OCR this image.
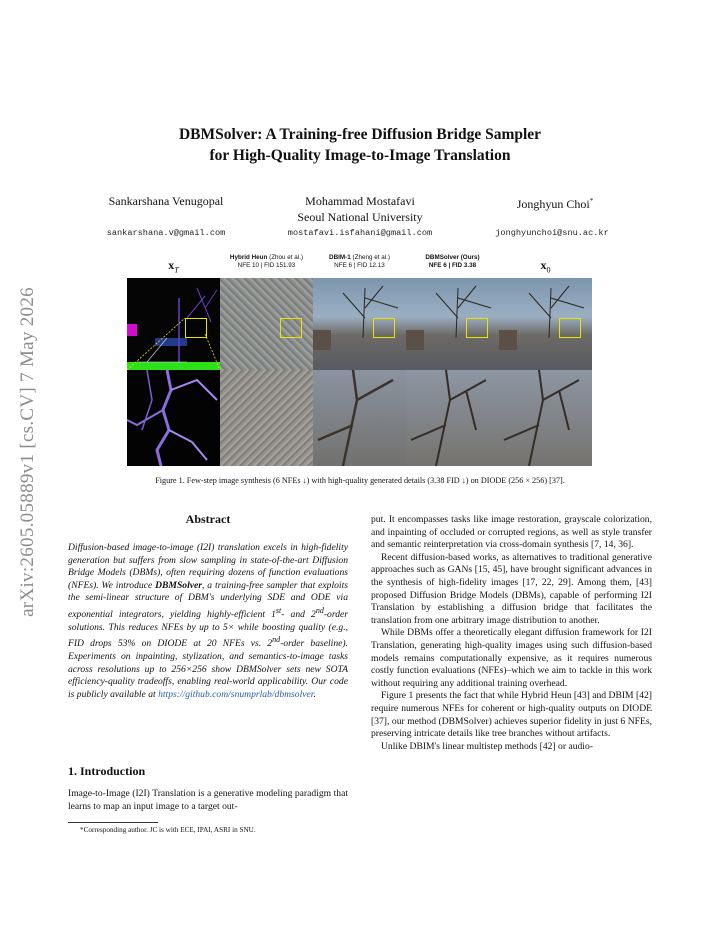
arXiv:2605.05889v1 [cs.CV] 7 May 2026
DBMSolver: A Training-free Diffusion Bridge Sampler
for High-Quality Image-to-Image Translation
Sankarshana Venugopal	Mohammad Mostafavi
Seoul National University
Jonghyun Choi*
sankarshana.v@gmail.com	mostafavi.isfahani@gmail.com	jonghyunchoi@snu.ac.kr
$x_T$
Hybrid Heun (Zhou et al.)
NFE 10 | FID 151.93
DBIM-1 (Zheng et al.)
NFE 6 | FID 12.13
DBMSolver (Ours)
NFE 6 | FID 3.38	$x_0$
Figure 1. Few-step image synthesis (6 NFEs ↓) with high-quality generated details (3.38 FID ↓) on DIODE (256 × 256) [37].
Abstract
Diffusion-based image-to-image (I2I) translation excels in high-fidelity generation but suffers from slow sampling in state-of-the-art Diffusion Bridge Models (DBMs), often requiring dozens of function evaluations (NFEs). We introduce DBMSolver, a training-free sampler that exploits the semi-linear structure of DBM's underlying SDE and ODE via exponential integrators, yielding highly-efficient 1st- and 2nd-order solutions. This reduces NFEs by up to 5× while boosting quality (e.g., FID drops 53% on DIODE at 20 NFEs vs. 2nd-order baseline). Experiments on inpainting, stylization, and semantics-to-image tasks across resolutions up to 256×256 show DBMSolver sets new SOTA efficiency-quality tradeoffs, enabling real-world applicability. Our code is publicly available at https://github.com/snumprlab/dbmsolver.
1. Introduction
Image-to-Image (I2I) Translation is a generative modeling paradigm that learns to map an input image to a target out-
*Corresponding author. JC is with ECE, IPAI, ASRI in SNU.

put. It encompasses tasks like image restoration, grayscale colorization, and inpainting of occluded or corrupted regions, as well as style transfer and semantic reinterpretation via cross-domain synthesis [7, 14, 36].

Recent diffusion-based works, as alternatives to traditional generative approaches such as GANs [15, 45], have brought significant advances in the synthesis of high-fidelity images [17, 22, 29]. Among them, [43] proposed Diffusion Bridge Models (DBMs), capable of performing I2I Translation by establishing a diffusion bridge that facilitates the translation from one arbitrary image distribution to another.

While DBMs offer a theoretically elegant diffusion framework for I2I Translation, generating high-quality images using such diffusion-based models remains computationally expensive, as it requires numerous costly function evaluations (NFEs)–which we aim to tackle in this work without requiring any additional training overhead.

Figure 1 presents the fact that while Hybrid Heun [43] and DBIM [42] require numerous NFEs for coherent or high-quality outputs on DIODE [37], our method (DBMSolver) achieves superior fidelity in just 6 NFEs, preserving intricate details like tree branches without artifacts.

Unlike DBIM's linear multistep methods [42] or audio-
